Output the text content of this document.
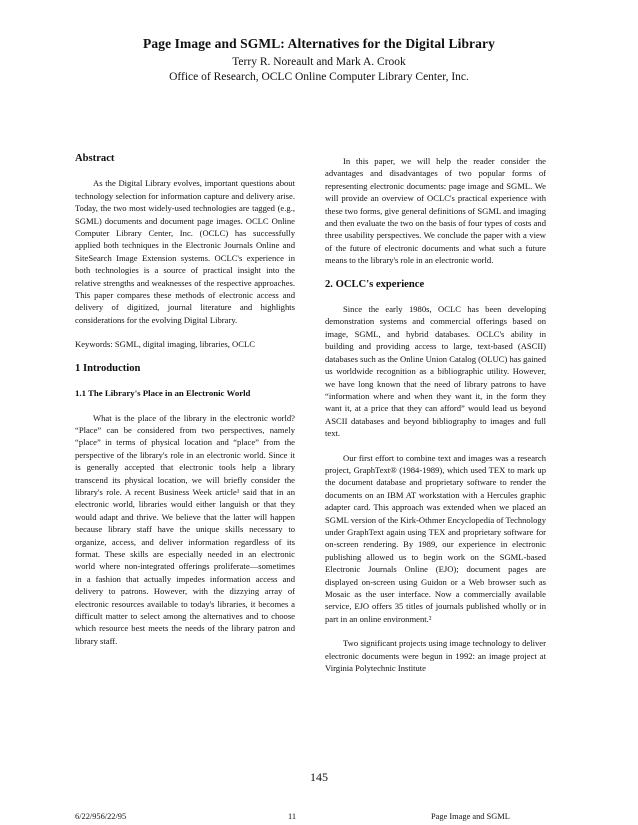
Page Image and SGML: Alternatives for the Digital Library
Terry R. Noreault and Mark A. Crook
Office of Research, OCLC Online Computer Library Center, Inc.
Abstract

As the Digital Library evolves, important questions about technology selection for information capture and delivery arise. Today, the two most widely-used technologies are tagged (e.g., SGML) documents and document page images. OCLC Online Computer Library Center, Inc. (OCLC) has successfully applied both techniques in the Electronic Journals Online and SiteSearch Image Extension systems. OCLC's experience in both technologies is a source of practical insight into the relative strengths and weaknesses of the respective approaches. This paper compares these methods of electronic access and delivery of digitized, journal literature and highlights considerations for the evolving Digital Library.

Keywords: SGML, digital imaging, libraries, OCLC

1 Introduction
1.1 The Library's Place in an Electronic World

What is the place of the library in the electronic world? “Place” can be considered from two perspectives, namely “place” in terms of physical location and “place” from the perspective of the library's role in an electronic world. Since it is generally accepted that electronic tools help a library transcend its physical location, we will briefly consider the library's role. A recent Business Week article¹ said that in an electronic world, libraries would either languish or that they would adapt and thrive. We believe that the latter will happen because library staff have the unique skills necessary to organize, access, and deliver information regardless of its format. These skills are especially needed in an electronic world where non-integrated offerings proliferate—sometimes in a fashion that actually impedes information access and delivery to patrons. However, with the dizzying array of electronic resources available to today's libraries, it becomes a difficult matter to select among the alternatives and to choose which resource best meets the needs of the library patron and library staff.

In this paper, we will help the reader consider the advantages and disadvantages of two popular forms of representing electronic documents: page image and SGML. We will provide an overview of OCLC's practical experience with these two forms, give general definitions of SGML and imaging and then evaluate the two on the basis of four types of costs and three usability perspectives. We conclude the paper with a view of the future of electronic documents and what such a future means to the library's role in an electronic world.

2. OCLC's experience

Since the early 1980s, OCLC has been developing demonstration systems and commercial offerings based on image, SGML, and hybrid databases. OCLC's ability in building and providing access to large, text-based (ASCII) databases such as the Online Union Catalog (OLUC) has gained us worldwide recognition as a bibliographic utility. However, we have long known that the need of library patrons to have “information where and when they want it, in the form they want it, at a price that they can afford” would lead us beyond ASCII databases and beyond bibliography to images and full text.

Our first effort to combine text and images was a research project, GraphText® (1984-1989), which used TEX to mark up the document database and proprietary software to render the documents on an IBM AT workstation with a Hercules graphic adapter card. This approach was extended when we placed an SGML version of the Kirk-Othmer Encyclopedia of Technology under GraphText again using TEX and proprietary software for on-screen rendering. By 1989, our experience in electronic publishing allowed us to begin work on the SGML-based Electronic Journals Online (EJO); document pages are displayed on-screen using Guidon or a Web browser such as Mosaic as the user interface. Now a commercially available service, EJO offers 35 titles of journals published wholly or in part in an online environment.²

Two significant projects using image technology to deliver electronic documents were begun in 1992: an image project at Virginia Polytechnic Institute

145
6/22/956/22/95	11	Page Image and SGML
